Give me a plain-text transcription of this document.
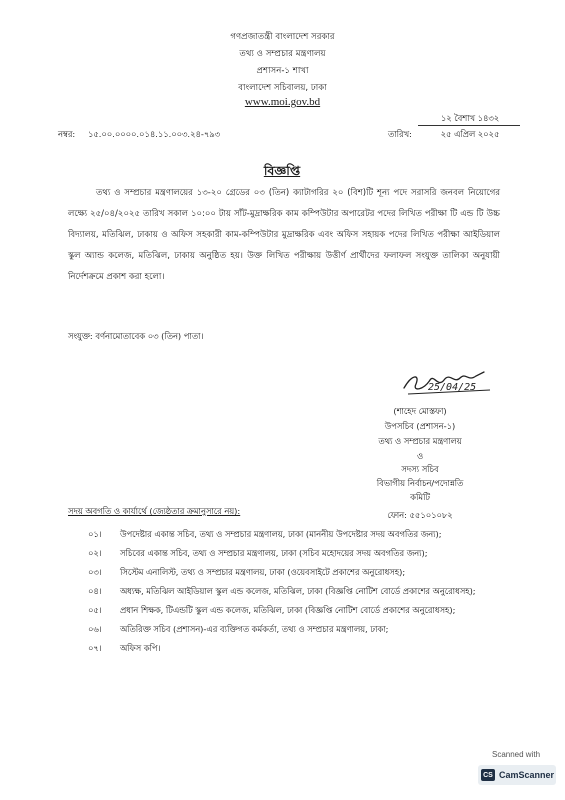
গণপ্রজাতন্ত্রী বাংলাদেশ সরকার
তথ্য ও সম্প্রচার মন্ত্রণালয়
প্রশাসন-১ শাখা
বাংলাদেশ সচিবালয়, ঢাকা
www.moi.gov.bd
১২ বৈশাখ ১৪৩২
নম্বর: ১৫.০০.০০০০.০১৪.১১.০০৩.২৪-৭৯৩	তারিখ:	২৫ এপ্রিল ২০২৫
বিজ্ঞপ্তি
তথ্য ও সম্প্রচার মন্ত্রণালয়ের ১৩-২০ গ্রেডের ০৩ (তিন) ক্যাটাগরির ২০ (বিশ)টি শূন্য পদে সরাসরি জনবল নিয়োগের লক্ষ্যে ২৫/০৪/২০২৫ তারিখ সকাল ১০:০০ টায় সাঁট-মুদ্রাক্ষরিক কাম কম্পিউটার অপারেটর পদের লিখিত পরীক্ষা টি এন্ড টি উচ্চ বিদ্যালয়, মতিঝিল, ঢাকায় ও অফিস সহকারী কাম-কম্পিউটার মুদ্রাক্ষরিক এবং অফিস সহায়ক পদের লিখিত পরীক্ষা আইডিয়াল স্কুল অ্যান্ড কলেজ, মতিঝিল, ঢাকায় অনুষ্ঠিত হয়। উক্ত লিখিত পরীক্ষায় উত্তীর্ণ প্রার্থীদের ফলাফল সংযুক্ত তালিকা অনুযায়ী নির্দেশক্রমে প্রকাশ করা হলো।
সংযুক্ত: বর্ণনামোতাবেক ০৩ (তিন) পাতা।
25/04/25
(শাহেদ মোস্তফা)
উপসচিব (প্রশাসন-১)
তথ্য ও সম্প্রচার মন্ত্রণালয়
ও
সদস্য সচিব
বিভাগীয় নির্বাচন/পদোন্নতি
কমিটি
ফোন: ৫৫১০১০৮২
সদয় অবগতি ও কার্যার্থে (জ্যেষ্ঠতার ক্রমানুসারে নয়):
০১।	উপদেষ্টার একান্ত সচিব, তথ্য ও সম্প্রচার মন্ত্রণালয়, ঢাকা (মাননীয় উপদেষ্টার সদয় অবগতির জন্য);
০২।	সচিবের একান্ত সচিব, তথ্য ও সম্প্রচার মন্ত্রণালয়, ঢাকা (সচিব মহোদয়ের সদয় অবগতির জন্য);
০৩।	সিস্টেম এনালিস্ট, তথ্য ও সম্প্রচার মন্ত্রণালয়, ঢাকা (ওয়েবসাইটে প্রকাশের অনুরোধসহ);
০৪।	অধ্যক্ষ, মতিঝিল আইডিয়াল স্কুল এন্ড কলেজ, মতিঝিল, ঢাকা (বিজ্ঞপ্তি নোটিশ বোর্ডে প্রকাশের অনুরোধসহ);
০৫।	প্রধান শিক্ষক, টিএন্ডটি স্কুল এন্ড কলেজ, মতিঝিল, ঢাকা (বিজ্ঞপ্তি নোটিশ বোর্ডে প্রকাশের অনুরোধসহ);
০৬।	অতিরিক্ত সচিব (প্রশাসন)-এর ব্যক্তিগত কর্মকর্তা, তথ্য ও সম্প্রচার মন্ত্রণালয়, ঢাকা;
০৭।	অফিস কপি।
Scanned with
CS CamScanner
